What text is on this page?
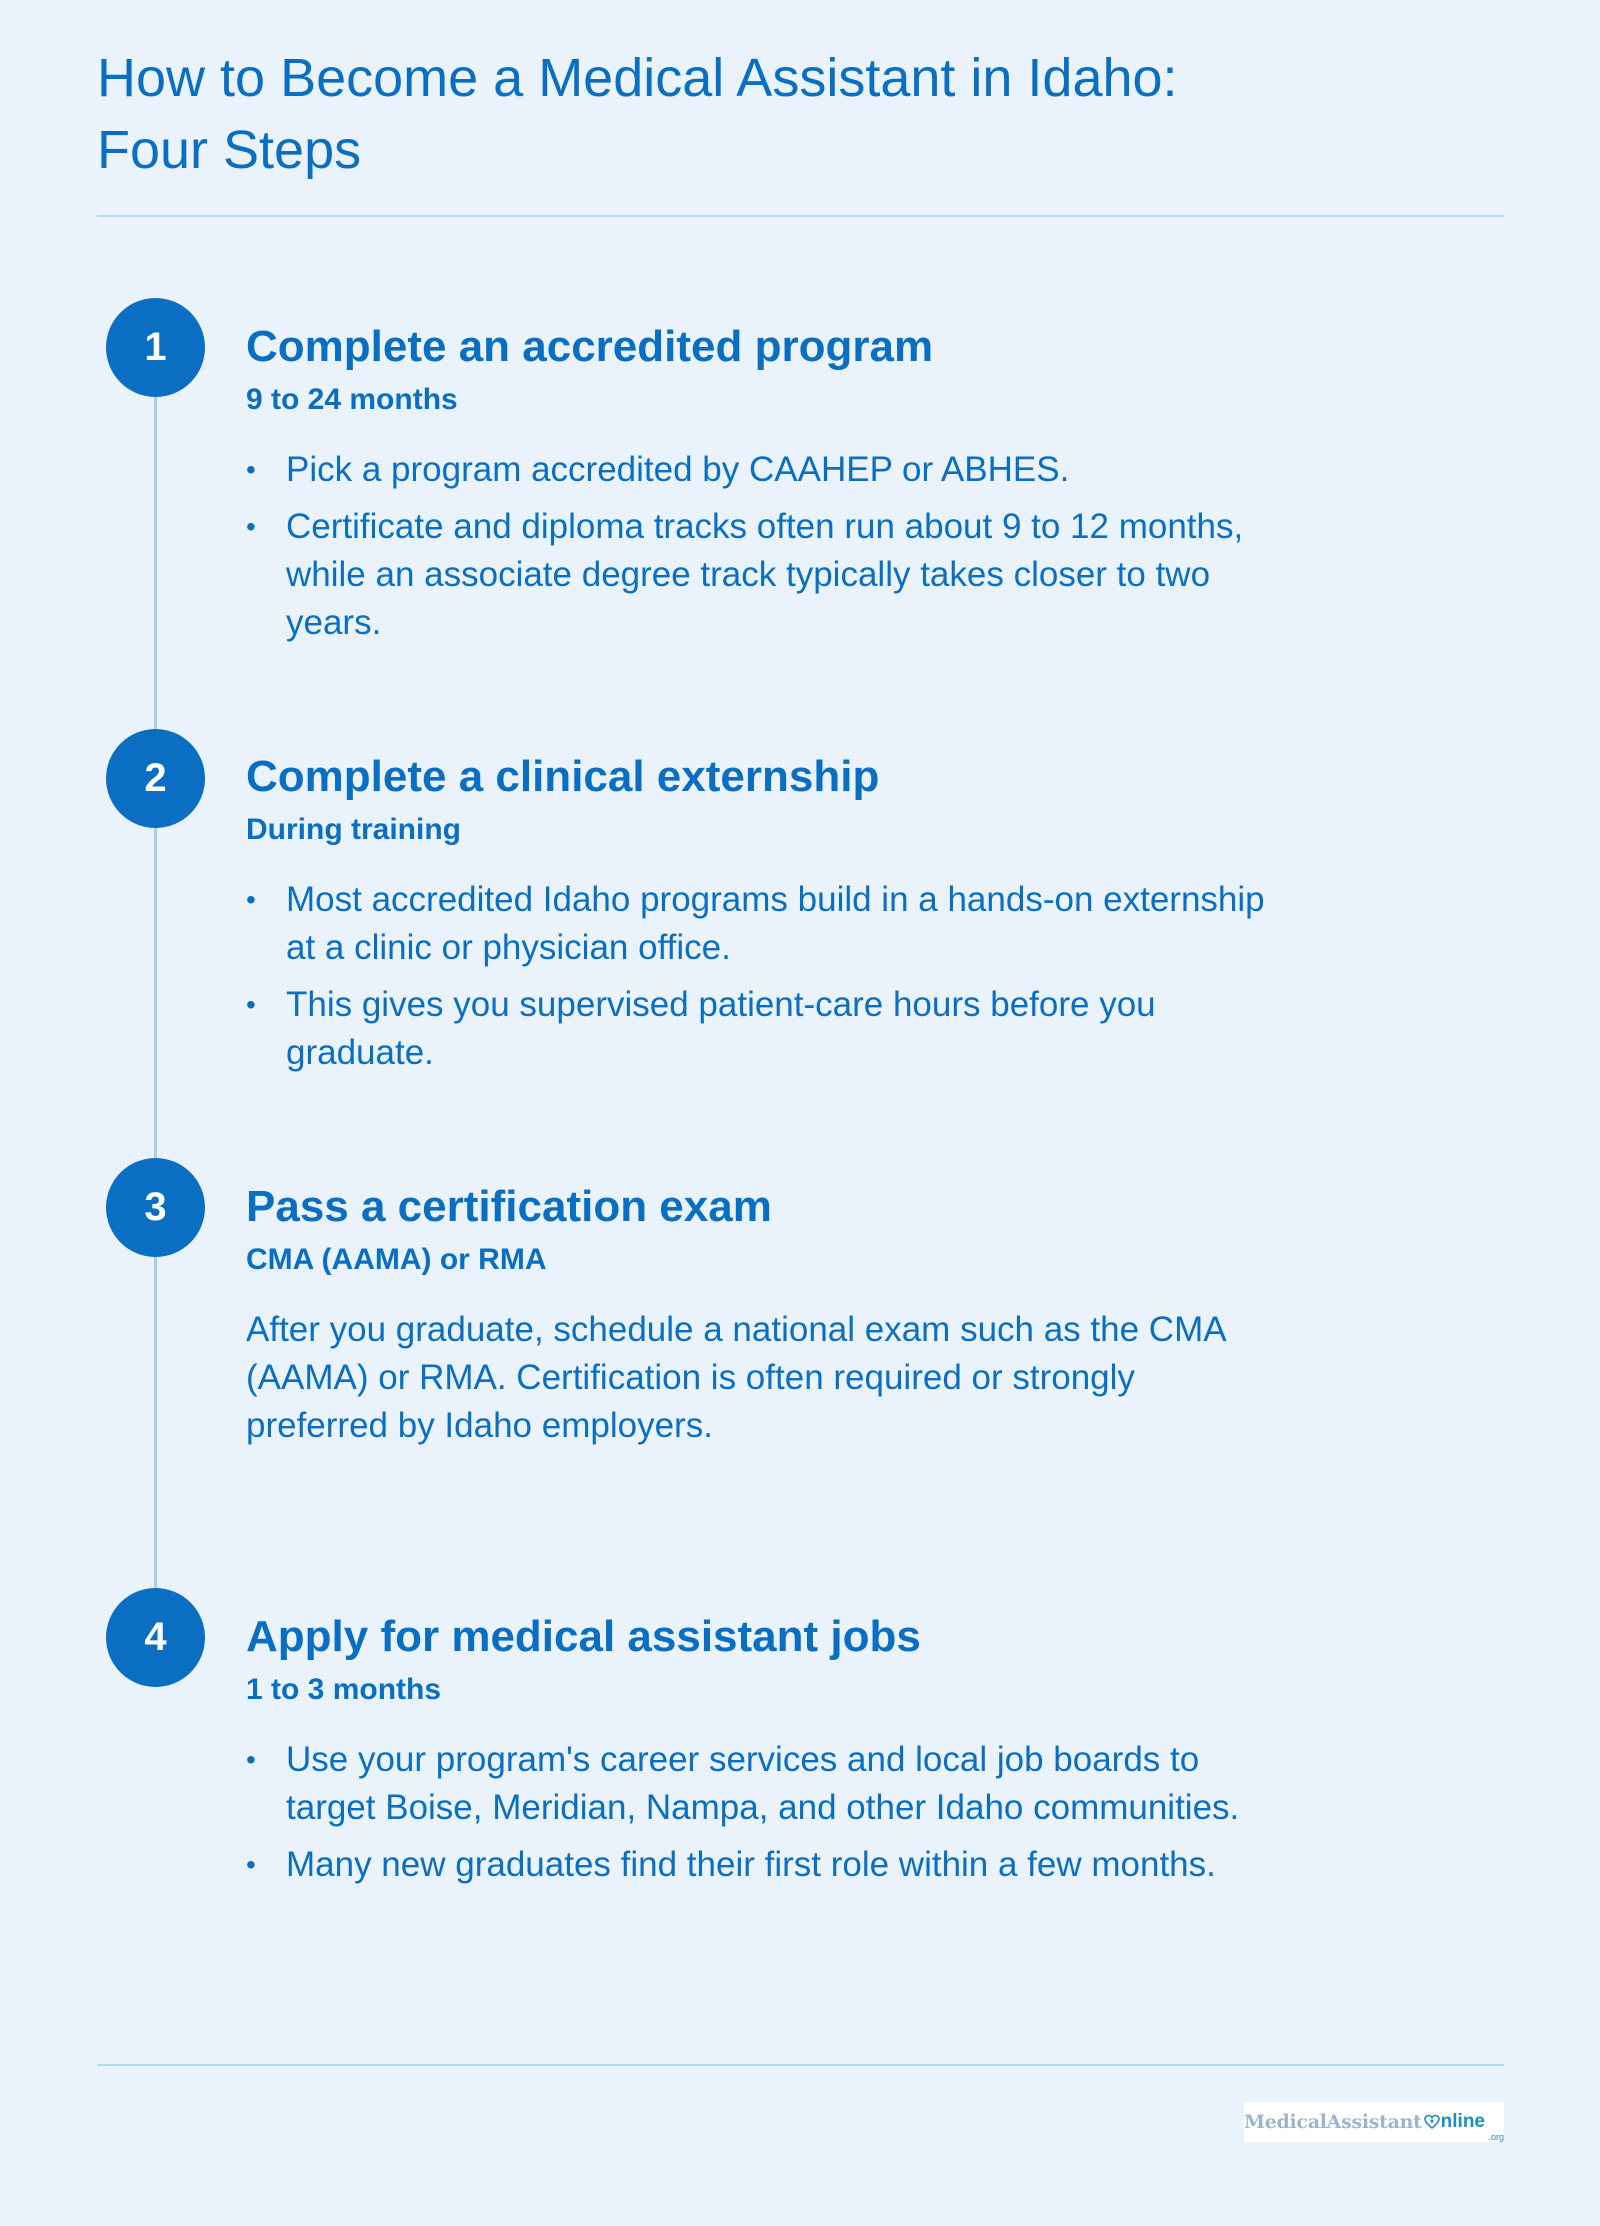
How to Become a Medical Assistant in Idaho:
Four Steps
1 Complete an accredited program
9 to 24 months
• Pick a program accredited by CAAHEP or ABHES.
• Certificate and diploma tracks often run about 9 to 12 months, while an associate degree track typically takes closer to two years.
2 Complete a clinical externship
During training
• Most accredited Idaho programs build in a hands-on externship at a clinic or physician office.
• This gives you supervised patient-care hours before you graduate.
3 Pass a certification exam
CMA (AAMA) or RMA

After you graduate, schedule a national exam such as the CMA (AAMA) or RMA. Certification is often required or strongly preferred by Idaho employers.

4 Apply for medical assistant jobs
1 to 3 months
• Use your program's career services and local job boards to target Boise, Meridian, Nampa, and other Idaho communities.
• Many new graduates find their first role within a few months.
MedicalAssistant nline
.org
